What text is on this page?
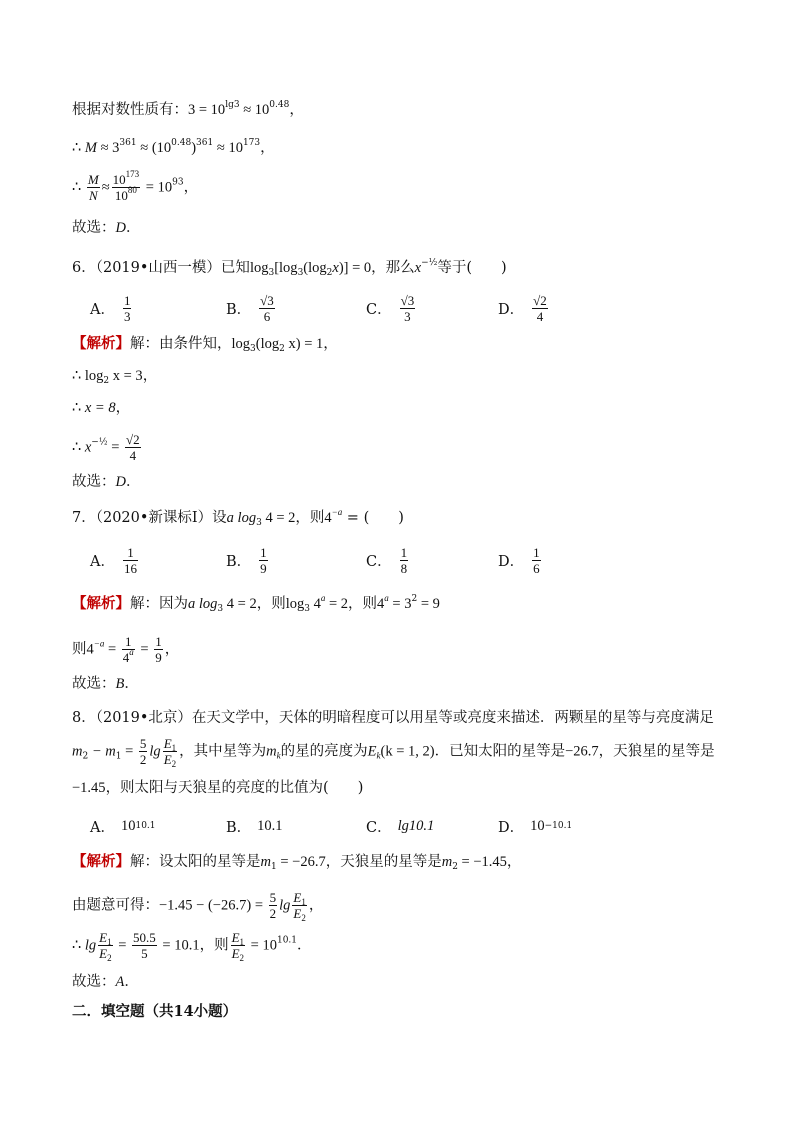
根据对数性质有：$3 = 10^{lg3} \approx 10^{0.48}$，
∴ $M \approx 3^{361} \approx (10^{0.48})^{361} \approx 10^{173}$，
∴ $\frac{M}{N} \approx \frac{10^{173}}{10^{80}} = 10^{93}$，
故选：D．
6．（2019•山西一模）已知$\log_3[\log_3(\log_2x)] = 0$，那么$x^{-\frac{1}{2}}$等于(　　)
A． $\frac{1}{3}$	B． $\frac{√3}{6}$	C． $\frac{√3}{3}$	D． $\frac{√2}{4}$
【解析】解：由条件知，$\log_3(\log_2$ x) = 1，
∴ $\log_2 x = 3$，
∴ x = 8，
∴ $x^{-\frac{1}{2}} = \frac{√2}{4}$
故选：D．
7．（2020•新课标Ⅰ）设a $\log_3 4 = 2$，则$4^{-a}$ = (　　)
A． $\frac{1}{16}$	B． $\frac{1}{9}$	C． $\frac{1}{8}$	D． $\frac{1}{6}$
【解析】解：因为a $\log_3 4 = 2$，则$\log_3 4^a = 2$，则$4^a = 3^2 = 9$
则$4^{-a} = \frac{1}{4^a} = \frac{1}{9}$ ，
故选：B．
8．（2019•北京）在天文学中，天体的明暗程度可以用星等或亮度来描述．两颗星的星等与亮度满足
$m_2 - m_1 = \frac{5}{2}$ $\lg \frac{E_1}{E_2}$ ，其中星等为$m_k$的星的亮度为$E_k(k = 1$, 2)．已知太阳的星等是−26.7，天狼星的星等是
−1.45，则太阳与天狼星的亮度的比值为(　　)
A． 10 10.1	B． 10.1	C． lg10.1	D． 10 −10.1
【解析】解：设太阳的星等是$m_1 = -26.7$，天狼星的星等是$m_2 = -1.45$，
由题意可得：$-1.45 - (-26.7) = \frac{5}{2}$ $\lg \frac{E_1}{E_2}$ ，
∴ $\lg \frac{E_1}{E_2} = \frac{50.5}{5} = 10.1$，则 $\frac{E_1}{E_2} = 10^{10.1}$．
故选：A．
二．填空题（共14小题）
